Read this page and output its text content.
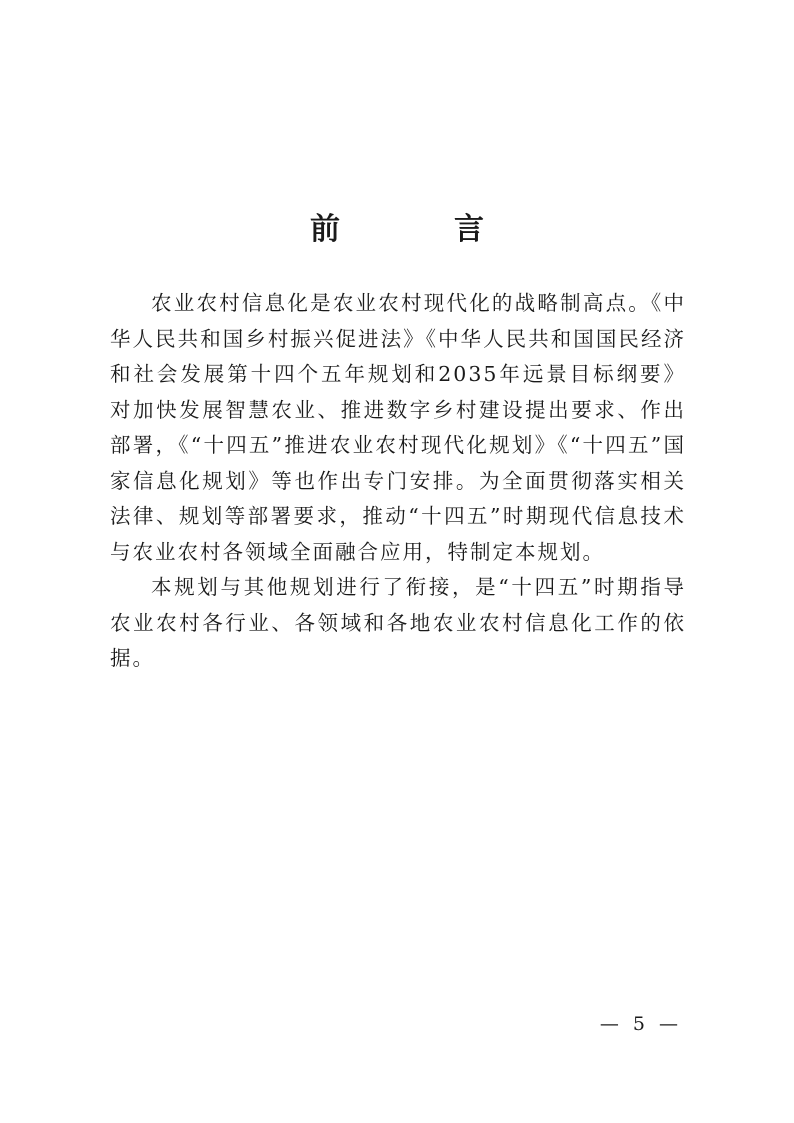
前　言

农业农村信息化是农业农村现代化的战略制高点。《中华人民共和国乡村振兴促进法》《中华人民共和国国民经济和社会发展第十四个五年规划和2035年远景目标纲要》对加快发展智慧农业、推进数字乡村建设提出要求、作出部署，《“十四五”推进农业农村现代化规划》《“十四五”国家信息化规划》等也作出专门安排。为全面贯彻落实相关法律、规划等部署要求，推动“十四五”时期现代信息技术与农业农村各领域全面融合应用，特制定本规划。

本规划与其他规划进行了衔接，是“十四五”时期指导农业农村各行业、各领域和各地农业农村信息化工作的依据。

— 5 —
